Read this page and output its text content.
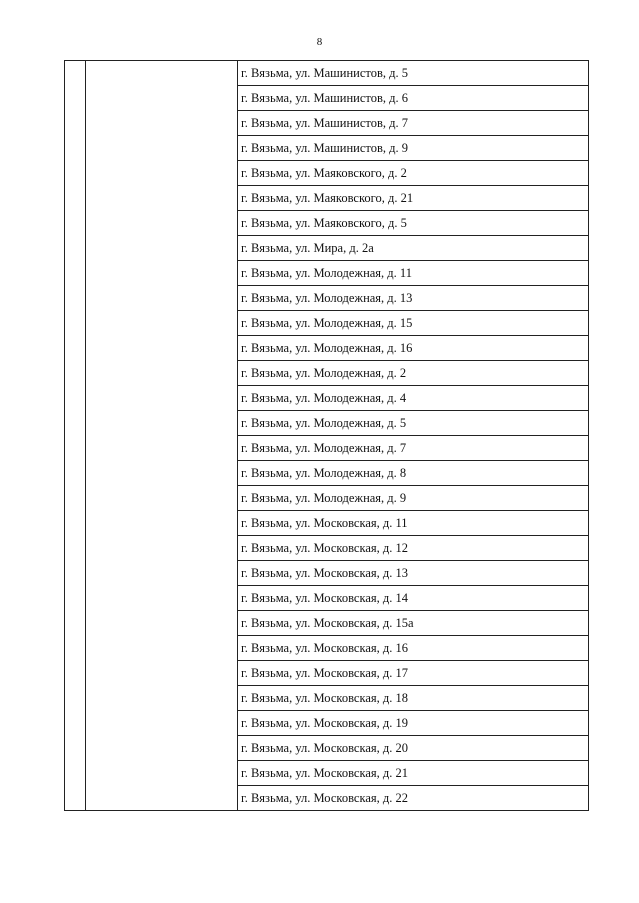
8
		г. Вязьма, ул. Машинистов, д. 5
г. Вязьма, ул. Машинистов, д. 6
г. Вязьма, ул. Машинистов, д. 7
г. Вязьма, ул. Машинистов, д. 9
г. Вязьма, ул. Маяковского, д. 2
г. Вязьма, ул. Маяковского, д. 21
г. Вязьма, ул. Маяковского, д. 5
г. Вязьма, ул. Мира, д. 2а
г. Вязьма, ул. Молодежная, д. 11
г. Вязьма, ул. Молодежная, д. 13
г. Вязьма, ул. Молодежная, д. 15
г. Вязьма, ул. Молодежная, д. 16
г. Вязьма, ул. Молодежная, д. 2
г. Вязьма, ул. Молодежная, д. 4
г. Вязьма, ул. Молодежная, д. 5
г. Вязьма, ул. Молодежная, д. 7
г. Вязьма, ул. Молодежная, д. 8
г. Вязьма, ул. Молодежная, д. 9
г. Вязьма, ул. Московская, д. 11
г. Вязьма, ул. Московская, д. 12
г. Вязьма, ул. Московская, д. 13
г. Вязьма, ул. Московская, д. 14
г. Вязьма, ул. Московская, д. 15а
г. Вязьма, ул. Московская, д. 16
г. Вязьма, ул. Московская, д. 17
г. Вязьма, ул. Московская, д. 18
г. Вязьма, ул. Московская, д. 19
г. Вязьма, ул. Московская, д. 20
г. Вязьма, ул. Московская, д. 21
г. Вязьма, ул. Московская, д. 22
